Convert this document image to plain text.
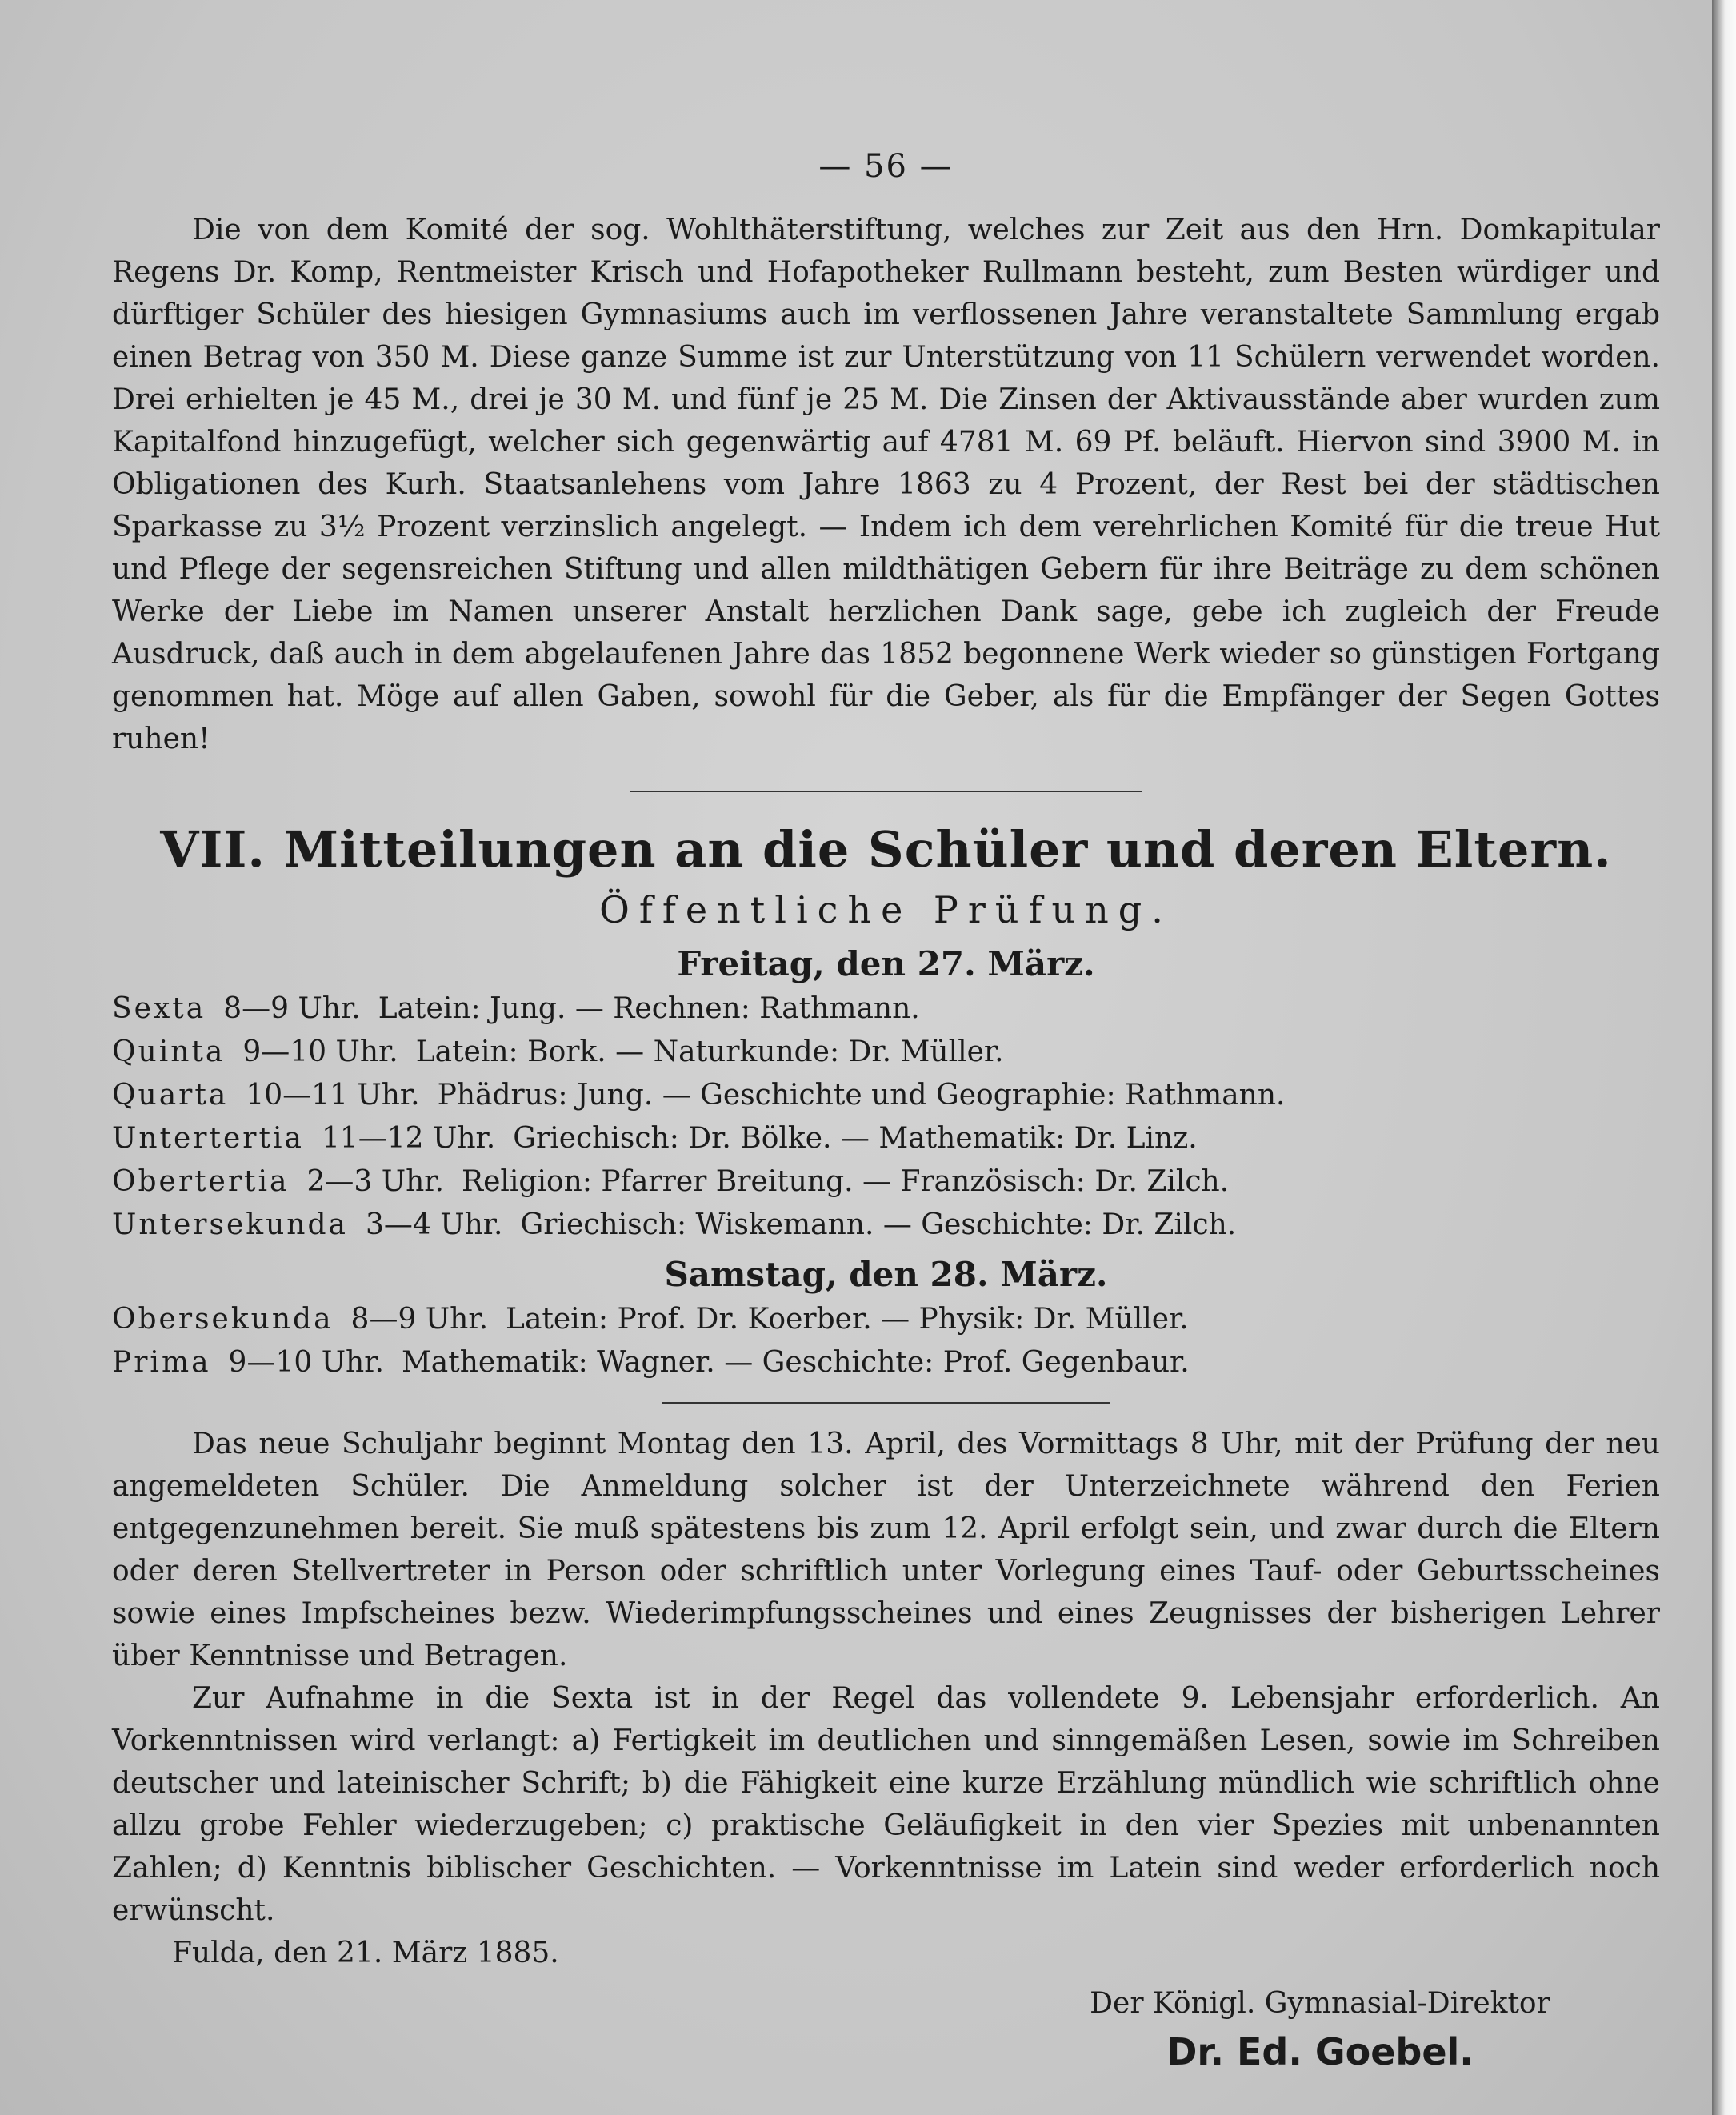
— 56 —

Die von dem Komité der sog. Wohlthäterstiftung, welches zur Zeit aus den Hrn. Domkapitular Regens Dr. Komp, Rentmeister Krisch und Hofapotheker Rullmann besteht, zum Besten würdiger und dürftiger Schüler des hiesigen Gymnasiums auch im verflossenen Jahre veranstaltete Sammlung ergab einen Betrag von 350 M. Diese ganze Summe ist zur Unterstützung von 11 Schülern verwendet worden. Drei erhielten je 45 M., drei je 30 M. und fünf je 25 M. Die Zinsen der Aktivausstände aber wurden zum Kapitalfond hinzugefügt, welcher sich gegenwärtig auf 4781 M. 69 Pf. beläuft. Hiervon sind 3900 M. in Obligationen des Kurh. Staatsanlehens vom Jahre 1863 zu 4 Prozent, der Rest bei der städtischen Sparkasse zu 3½ Prozent verzinslich angelegt. — Indem ich dem verehrlichen Komité für die treue Hut und Pflege der segensreichen Stiftung und allen mildthätigen Gebern für ihre Beiträge zu dem schönen Werke der Liebe im Namen unserer Anstalt herzlichen Dank sage, gebe ich zugleich der Freude Ausdruck, daß auch in dem abgelaufenen Jahre das 1852 begonnene Werk wieder so günstigen Fortgang genommen hat. Möge auf allen Gaben, sowohl für die Geber, als für die Empfänger der Segen Gottes ruhen!

VII. Mitteilungen an die Schüler und deren Eltern.
Öffentliche Prüfung.
Freitag, den 27. März.
Sexta 8—9 Uhr. Latein: Jung. — Rechnen: Rathmann.
Quinta 9—10 Uhr. Latein: Bork. — Naturkunde: Dr. Müller.
Quarta 10—11 Uhr. Phädrus: Jung. — Geschichte und Geographie: Rathmann.
Untertertia 11—12 Uhr. Griechisch: Dr. Bölke. — Mathematik: Dr. Linz.
Obertertia 2—3 Uhr. Religion: Pfarrer Breitung. — Französisch: Dr. Zilch.
Untersekunda 3—4 Uhr. Griechisch: Wiskemann. — Geschichte: Dr. Zilch.
Samstag, den 28. März.
Obersekunda 8—9 Uhr. Latein: Prof. Dr. Koerber. — Physik: Dr. Müller.
Prima 9—10 Uhr. Mathematik: Wagner. — Geschichte: Prof. Gegenbaur.

Das neue Schuljahr beginnt Montag den 13. April, des Vormittags 8 Uhr, mit der Prüfung der neu angemeldeten Schüler. Die Anmeldung solcher ist der Unterzeichnete während den Ferien entgegenzunehmen bereit. Sie muß spätestens bis zum 12. April erfolgt sein, und zwar durch die Eltern oder deren Stellvertreter in Person oder schriftlich unter Vorlegung eines Tauf- oder Geburtsscheines sowie eines Impfscheines bezw. Wiederimpfungsscheines und eines Zeugnisses der bisherigen Lehrer über Kenntnisse und Betragen.

Zur Aufnahme in die Sexta ist in der Regel das vollendete 9. Lebensjahr erforderlich. An Vorkenntnissen wird verlangt: a) Fertigkeit im deutlichen und sinngemäßen Lesen, sowie im Schreiben deutscher und lateinischer Schrift; b) die Fähigkeit eine kurze Erzählung mündlich wie schriftlich ohne allzu grobe Fehler wiederzugeben; c) praktische Geläufigkeit in den vier Spezies mit unbenannten Zahlen; d) Kenntnis biblischer Geschichten. — Vorkenntnisse im Latein sind weder erforderlich noch erwünscht.

Fulda, den 21. März 1885.
Der Königl. Gymnasial-Direktor
Dr. Ed. Goebel.
